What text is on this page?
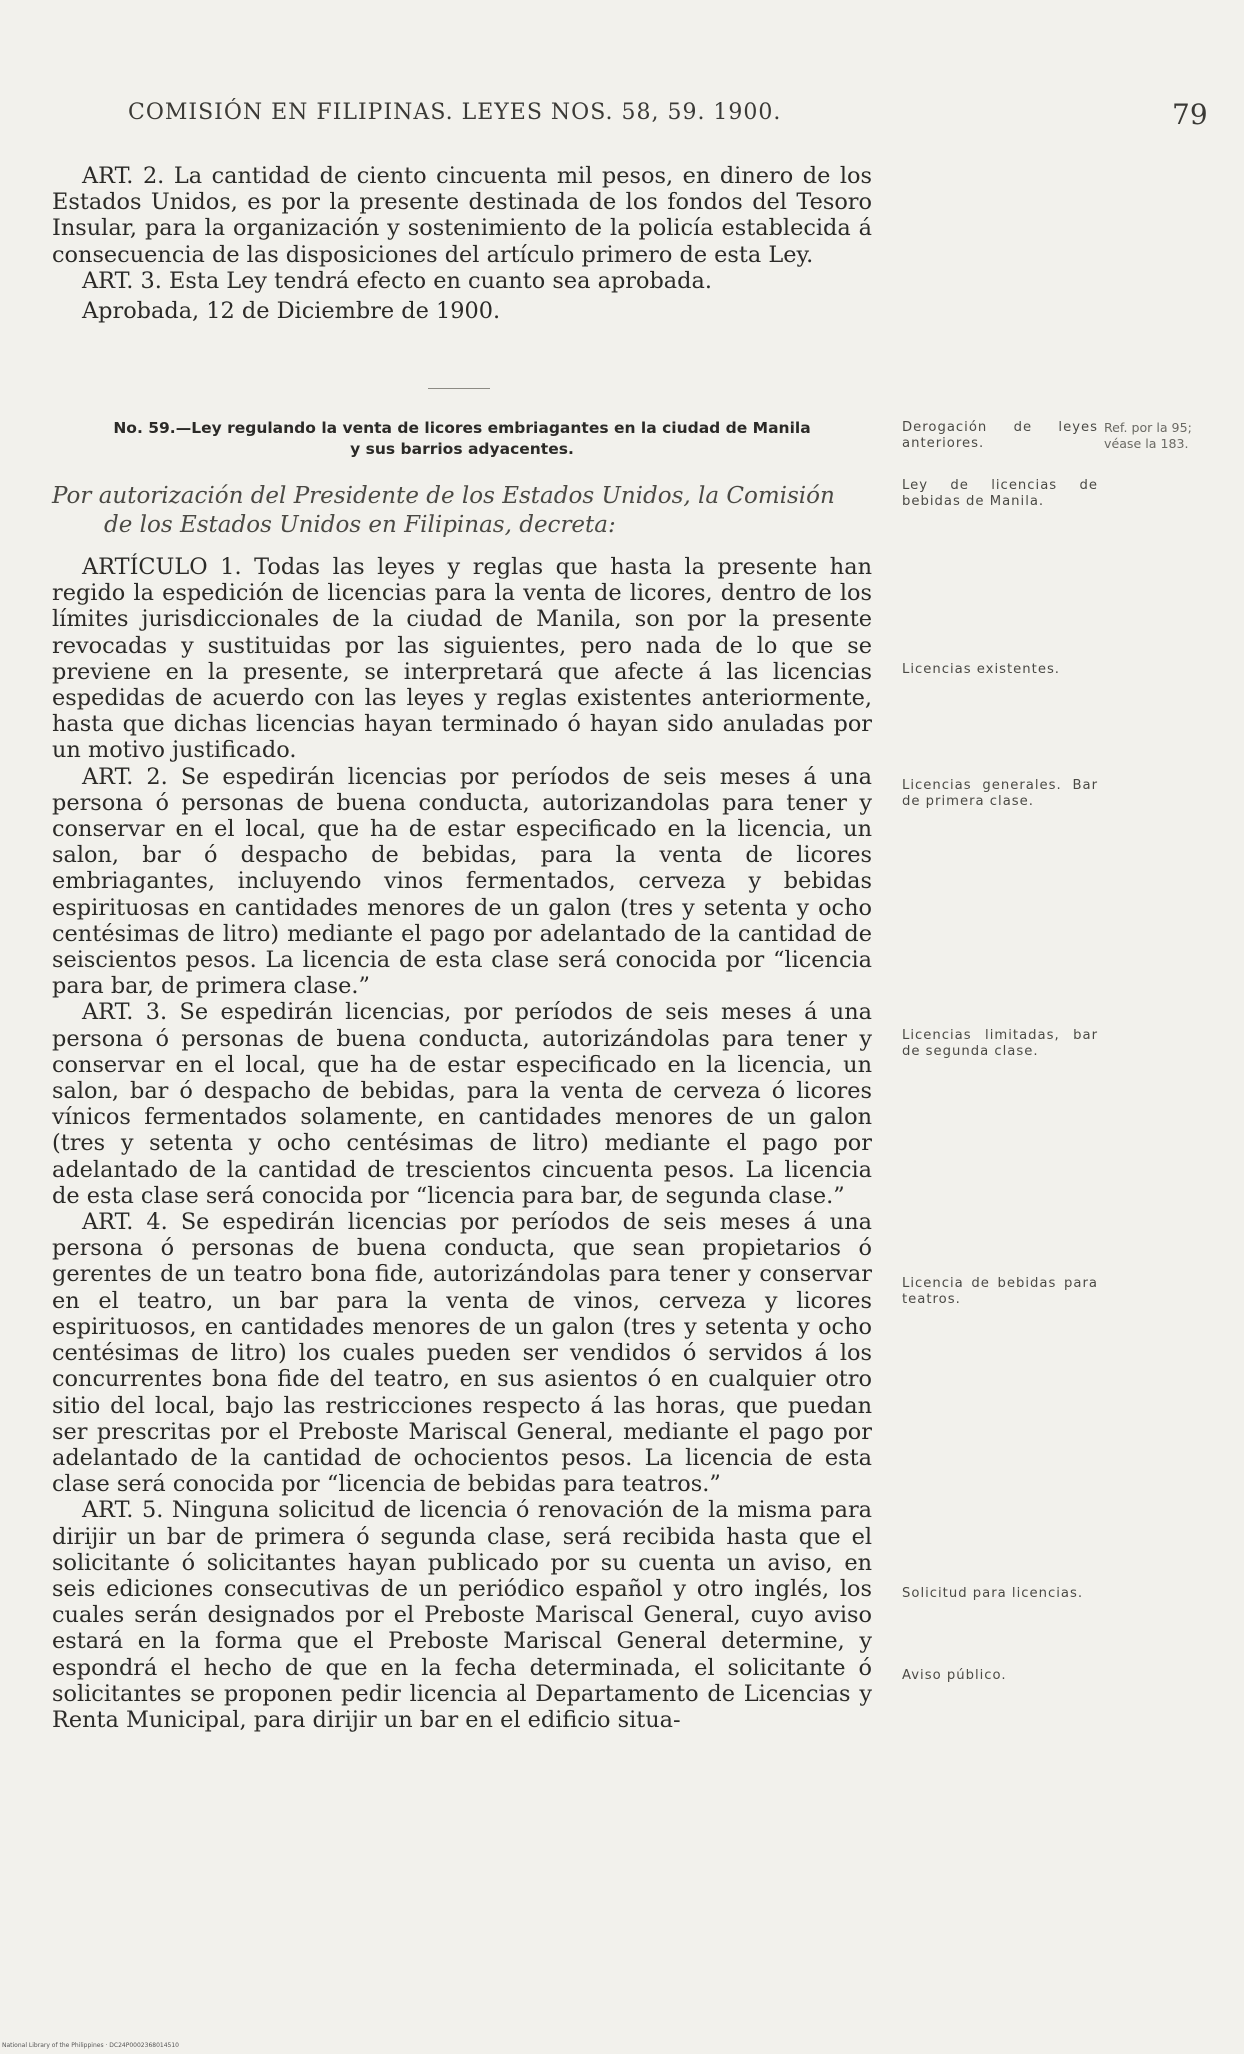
COMISIÓN EN FILIPINAS. LEYES NOS. 58, 59. 1900.	79

ART. 2. La cantidad de ciento cincuenta mil pesos, en dinero de los Estados Unidos, es por la presente destinada de los fondos del Tesoro Insular, para la organización y sostenimiento de la policía establecida á consecuencia de las disposiciones del artículo primero de esta Ley.

ART. 3. Esta Ley tendrá efecto en cuanto sea aprobada.

Aprobada, 12 de Diciembre de 1900.

No. 59.—Ley regulando la venta de licores embriagantes en la ciudad de Manila
y sus barrios adyacentes.
Por autorización del Presidente de los Estados Unidos, la Comisión
de los Estados Unidos en Filipinas, decreta:

ARTÍCULO 1. Todas las leyes y reglas que hasta la presente han regido la espedición de licencias para la venta de licores, dentro de los límites jurisdiccionales de la ciudad de Manila, son por la presente revocadas y sustituidas por las siguientes, pero nada de lo que se previene en la presente, se interpretará que afecte á las licencias espedidas de acuerdo con las leyes y reglas existentes anteriormente, hasta que dichas licencias hayan terminado ó hayan sido anuladas por un motivo justificado.

ART. 2. Se espedirán licencias por períodos de seis meses á una persona ó personas de buena conducta, autorizandolas para tener y conservar en el local, que ha de estar especificado en la licencia, un salon, bar ó despacho de bebidas, para la venta de licores embriagantes, incluyendo vinos fermentados, cerveza y bebidas espirituosas en cantidades menores de un galon (tres y setenta y ocho centésimas de litro) mediante el pago por adelantado de la cantidad de seiscientos pesos. La licencia de esta clase será conocida por “licencia para bar, de primera clase.”

ART. 3. Se espedirán licencias, por períodos de seis meses á una persona ó personas de buena conducta, autorizándolas para tener y conservar en el local, que ha de estar especificado en la licencia, un salon, bar ó despacho de bebidas, para la venta de cerveza ó licores vínicos fermentados solamente, en cantidades menores de un galon (tres y setenta y ocho centésimas de litro) mediante el pago por adelantado de la cantidad de trescientos cincuenta pesos. La licencia de esta clase será conocida por “licencia para bar, de segunda clase.”

ART. 4. Se espedirán licencias por períodos de seis meses á una persona ó personas de buena conducta, que sean propietarios ó gerentes de un teatro bona fide, autorizándolas para tener y conservar en el teatro, un bar para la venta de vinos, cerveza y licores espirituosos, en cantidades menores de un galon (tres y setenta y ocho centésimas de litro) los cuales pueden ser vendidos ó servidos á los concurrentes bona fide del teatro, en sus asientos ó en cualquier otro sitio del local, bajo las restricciones respecto á las horas, que puedan ser prescritas por el Preboste Mariscal General, mediante el pago por adelantado de la cantidad de ochocientos pesos. La licencia de esta clase será conocida por “licencia de bebidas para teatros.”

ART. 5. Ninguna solicitud de licencia ó renovación de la misma para dirijir un bar de primera ó segunda clase, será recibida hasta que el solicitante ó solicitantes hayan publicado por su cuenta un aviso, en seis ediciones consecutivas de un periódico español y otro inglés, los cuales serán designados por el Preboste Mariscal General, cuyo aviso estará en la forma que el Preboste Mariscal General determine, y espondrá el hecho de que en la fecha determinada, el solicitante ó solicitantes se proponen pedir licencia al Departamento de Licencias y Renta Municipal, para dirijir un bar en el edificio situa-

Derogación de leyes anteriores.
Ref. por la 95; véase la 183.
Ley de licencias de bebidas de Manila.
Licencias existentes.
Licencias generales. Bar de primera clase.
Licencias limitadas, bar de segunda clase.
Licencia de bebidas para teatros.
Solicitud para licencias.
Aviso público.
National Library of the Philippines · DC24P0002368014510
